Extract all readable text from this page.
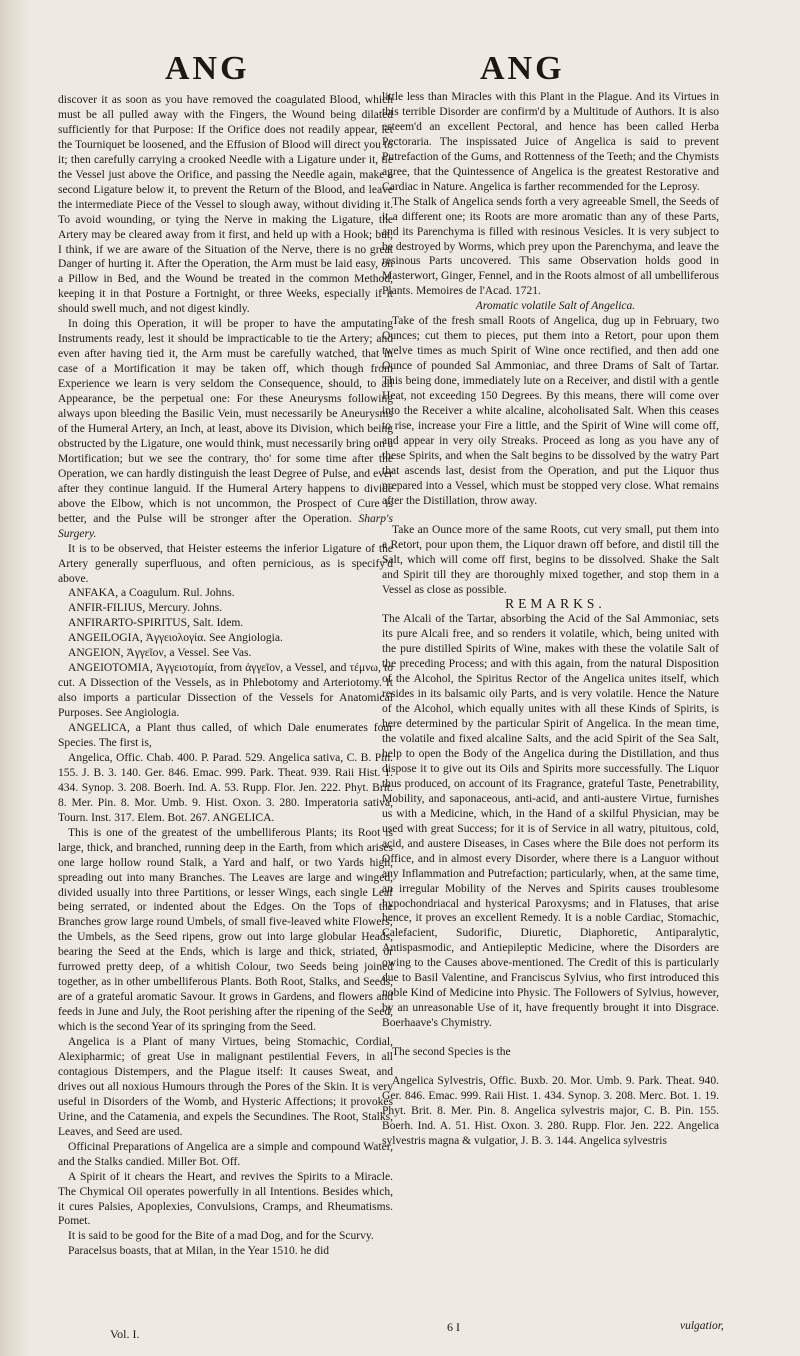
ANG	ANG

discover it as soon as you have removed the coagulated Blood, which must be all pulled away with the Fingers, the Wound being dilated sufficiently for that Purpose: If the Orifice does not readily appear, let the Tourniquet be loosened, and the Effusion of Blood will direct you to it; then carefully carrying a crooked Needle with a Ligature under it, tie the Vessel just above the Orifice, and passing the Needle again, make a second Ligature below it, to prevent the Return of the Blood, and leave the intermediate Piece of the Vessel to slough away, without dividing it. To avoid wounding, or tying the Nerve in making the Ligature, the Artery may be cleared away from it first, and held up with a Hook; but, I think, if we are aware of the Situation of the Nerve, there is no great Danger of hurting it. After the Operation, the Arm must be laid easy, on a Pillow in Bed, and the Wound be treated in the common Method, keeping it in that Posture a Fortnight, or three Weeks, especially if it should swell much, and not digest kindly.

In doing this Operation, it will be proper to have the amputating Instruments ready, lest it should be impracticable to tie the Artery; and even after having tied it, the Arm must be carefully watched, that in case of a Mortification it may be taken off, which though from Experience we learn is very seldom the Consequence, should, to all Appearance, be the perpetual one: For these Aneurysms following always upon bleeding the Basilic Vein, must necessarily be Aneurysms of the Humeral Artery, an Inch, at least, above its Division, which being obstructed by the Ligature, one would think, must necessarily bring on a Mortification; but we see the contrary, tho' for some time after the Operation, we can hardly distinguish the least Degree of Pulse, and ever after they continue languid. If the Humeral Artery happens to divide above the Elbow, which is not uncommon, the Prospect of Cure is better, and the Pulse will be stronger after the Operation. Sharp's Surgery.

It is to be observed, that Heister esteems the inferior Ligature of the Artery generally superfluous, and often pernicious, as is specify'd above.

ANFAKA, a Coagulum. Rul. Johns.

ANFIR-FILIUS, Mercury. Johns.

ANFIRARTO-SPIRITUS, Salt. Idem.

ANGEILOGIA, Ἀγγειολογία. See Angiologia.

ANGEION, Ἀγγεῖον, a Vessel. See Vas.

ANGEIOTOMIA, Ἀγγειοτομία, from ἀγγεῖον, a Vessel, and τέμνω, to cut. A Dissection of the Vessels, as in Phlebotomy and Arteriotomy. It also imports a particular Dissection of the Vessels for Anatomical Purposes. See Angiologia.

ANGELICA, a Plant thus called, of which Dale enumerates four Species. The first is,

Angelica, Offic. Chab. 400. P. Parad. 529. Angelica sativa, C. B. Pin. 155. J. B. 3. 140. Ger. 846. Emac. 999. Park. Theat. 939. Raii Hist. 1. 434. Synop. 3. 208. Boerh. Ind. A. 53. Rupp. Flor. Jen. 222. Phyt. Brit. 8. Mer. Pin. 8. Mor. Umb. 9. Hist. Oxon. 3. 280. Imperatoria sativa, Tourn. Inst. 317. Elem. Bot. 267. ANGELICA.

This is one of the greatest of the umbelliferous Plants; its Root is large, thick, and branched, running deep in the Earth, from which arises one large hollow round Stalk, a Yard and half, or two Yards high, spreading out into many Branches. The Leaves are large and winged, divided usually into three Partitions, or lesser Wings, each single Leaf being serrated, or indented about the Edges. On the Tops of the Branches grow large round Umbels, of small five-leaved white Flowers; the Umbels, as the Seed ripens, grow out into large globular Heads, bearing the Seed at the Ends, which is large and thick, striated, or furrowed pretty deep, of a whitish Colour, two Seeds being joined together, as in other umbelliferous Plants. Both Root, Stalks, and Seeds, are of a grateful aromatic Savour. It grows in Gardens, and flowers and feeds in June and July, the Root perishing after the ripening of the Seed, which is the second Year of its springing from the Seed.

Angelica is a Plant of many Virtues, being Stomachic, Cordial, Alexipharmic; of great Use in malignant pestilential Fevers, in all contagious Distempers, and the Plague itself: It causes Sweat, and drives out all noxious Humours through the Pores of the Skin. It is very useful in Disorders of the Womb, and Hysteric Affections; it provokes Urine, and the Catamenia, and expels the Secundines. The Root, Stalks, Leaves, and Seed are used.

Officinal Preparations of Angelica are a simple and compound Water, and the Stalks candied. Miller Bot. Off.

A Spirit of it chears the Heart, and revives the Spirits to a Miracle. The Chymical Oil operates powerfully in all Intentions. Besides which, it cures Palsies, Apoplexies, Convulsions, Cramps, and Rheumatisms. Pomet.

It is said to be good for the Bite of a mad Dog, and for the Scurvy.

Paracelsus boasts, that at Milan, in the Year 1510. he did

little less than Miracles with this Plant in the Plague. And its Virtues in this terrible Disorder are confirm'd by a Multitude of Authors. It is also esteem'd an excellent Pectoral, and hence has been called Herba Pectoraria. The inspissated Juice of Angelica is said to prevent Putrefaction of the Gums, and Rottenness of the Teeth; and the Chymists agree, that the Quintessence of Angelica is the greatest Restorative and Cardiac in Nature. Angelica is farther recommended for the Leprosy.

The Stalk of Angelica sends forth a very agreeable Smell, the Seeds of it a different one; its Roots are more aromatic than any of these Parts, and its Parenchyma is filled with resinous Vesicles. It is very subject to be destroyed by Worms, which prey upon the Parenchyma, and leave the resinous Parts uncovered. This same Observation holds good in Masterwort, Ginger, Fennel, and in the Roots almost of all umbelliferous Plants. Memoires de l'Acad. 1721.

Aromatic volatile Salt of Angelica.

Take of the fresh small Roots of Angelica, dug up in February, two Ounces; cut them to pieces, put them into a Retort, pour upon them twelve times as much Spirit of Wine once rectified, and then add one Ounce of pounded Sal Ammoniac, and three Drams of Salt of Tartar. This being done, immediately lute on a Receiver, and distil with a gentle Heat, not exceeding 150 Degrees. By this means, there will come over into the Receiver a white alcaline, alcoholisated Salt. When this ceases to rise, increase your Fire a little, and the Spirit of Wine will come off, and appear in very oily Streaks. Proceed as long as you have any of these Spirits, and when the Salt begins to be dissolved by the watry Part that ascends last, desist from the Operation, and put the Liquor thus prepared into a Vessel, which must be stopped very close. What remains after the Distillation, throw away.

Take an Ounce more of the same Roots, cut very small, put them into a Retort, pour upon them, the Liquor drawn off before, and distil till the Salt, which will come off first, begins to be dissolved. Shake the Salt and Spirit till they are thoroughly mixed together, and stop them in a Vessel as close as possible.

REMARKS.

The Alcali of the Tartar, absorbing the Acid of the Sal Ammoniac, sets its pure Alcali free, and so renders it volatile, which, being united with the pure distilled Spirits of Wine, makes with these the volatile Salt of the preceding Process; and with this again, from the natural Disposition of the Alcohol, the Spiritus Rector of the Angelica unites itself, which resides in its balsamic oily Parts, and is very volatile. Hence the Nature of the Alcohol, which equally unites with all these Kinds of Spirits, is here determined by the particular Spirit of Angelica. In the mean time, the volatile and fixed alcaline Salts, and the acid Spirit of the Sea Salt, help to open the Body of the Angelica during the Distillation, and thus dispose it to give out its Oils and Spirits more successfully. The Liquor thus produced, on account of its Fragrance, grateful Taste, Penetrability, Mobility, and saponaceous, anti-acid, and anti-austere Virtue, furnishes us with a Medicine, which, in the Hand of a skilful Physician, may be used with great Success; for it is of Service in all watry, pituitous, cold, acid, and austere Diseases, in Cases where the Bile does not perform its Office, and in almost every Disorder, where there is a Languor without any Inflammation and Putrefaction; particularly, when, at the same time, an irregular Mobility of the Nerves and Spirits causes troublesome hypochondriacal and hysterical Paroxysms; and in Flatuses, that arise hence, it proves an excellent Remedy. It is a noble Cardiac, Stomachic, Calefacient, Sudorific, Diuretic, Diaphoretic, Antiparalytic, Antispasmodic, and Antiepileptic Medicine, where the Disorders are owing to the Causes above-mentioned. The Credit of this is particularly due to Basil Valentine, and Franciscus Sylvius, who first introduced this noble Kind of Medicine into Physic. The Followers of Sylvius, however, by an unreasonable Use of it, have frequently brought it into Disgrace. Boerhaave's Chymistry.

The second Species is the

Angelica Sylvestris, Offic. Buxb. 20. Mor. Umb. 9. Park. Theat. 940. Ger. 846. Emac. 999. Raii Hist. 1. 434. Synop. 3. 208. Merc. Bot. 1. 19. Phyt. Brit. 8. Mer. Pin. 8. Angelica sylvestris major, C. B. Pin. 155. Boerh. Ind. A. 51. Hist. Oxon. 3. 280. Rupp. Flor. Jen. 222. Angelica sylvestris magna & vulgatior, J. B. 3. 144. Angelica sylvestris

Vol. I.	6 I	vulgatior,
